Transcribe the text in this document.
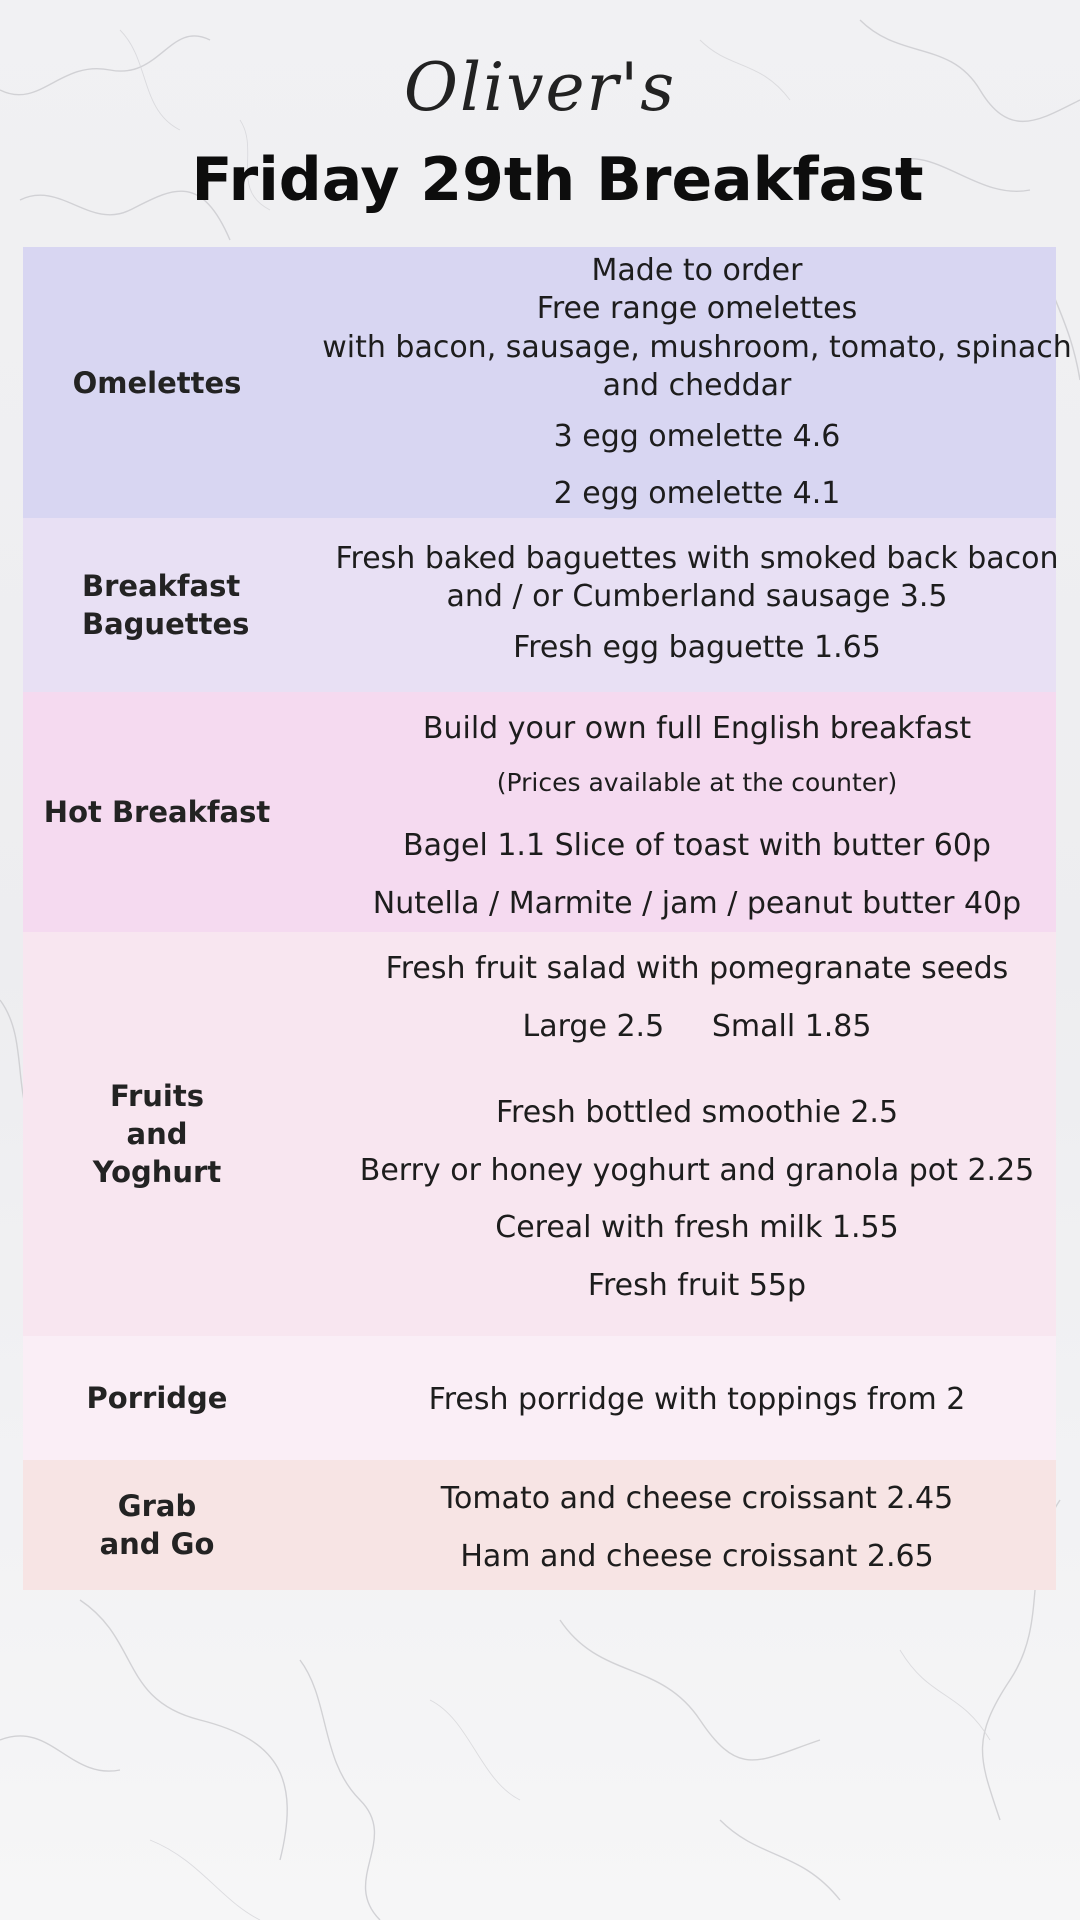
Oliver's
Friday 29th Breakfast
Omelettes
Made to order
Free range omelettes
with bacon, sausage, mushroom, tomato, spinach
and cheddar
3 egg omelette 4.6
2 egg omelette 4.1
Breakfast Baguettes
Fresh baked baguettes with smoked back bacon
and / or Cumberland sausage 3.5
Fresh egg baguette 1.65
Hot Breakfast
Build your own full English breakfast
(Prices available at the counter)
Bagel 1.1 Slice of toast with butter 60p
Nutella / Marmite / jam / peanut butter 40p
Fruits and Yoghurt
Fresh fruit salad with pomegranate seeds
Large 2.5     Small 1.85
Fresh bottled smoothie 2.5
Berry or honey yoghurt and granola pot 2.25
Cereal with fresh milk 1.55
Fresh fruit 55p
Porridge	Fresh porridge with toppings from 2
Grab and Go
Tomato and cheese croissant 2.45
Ham and cheese croissant 2.65
